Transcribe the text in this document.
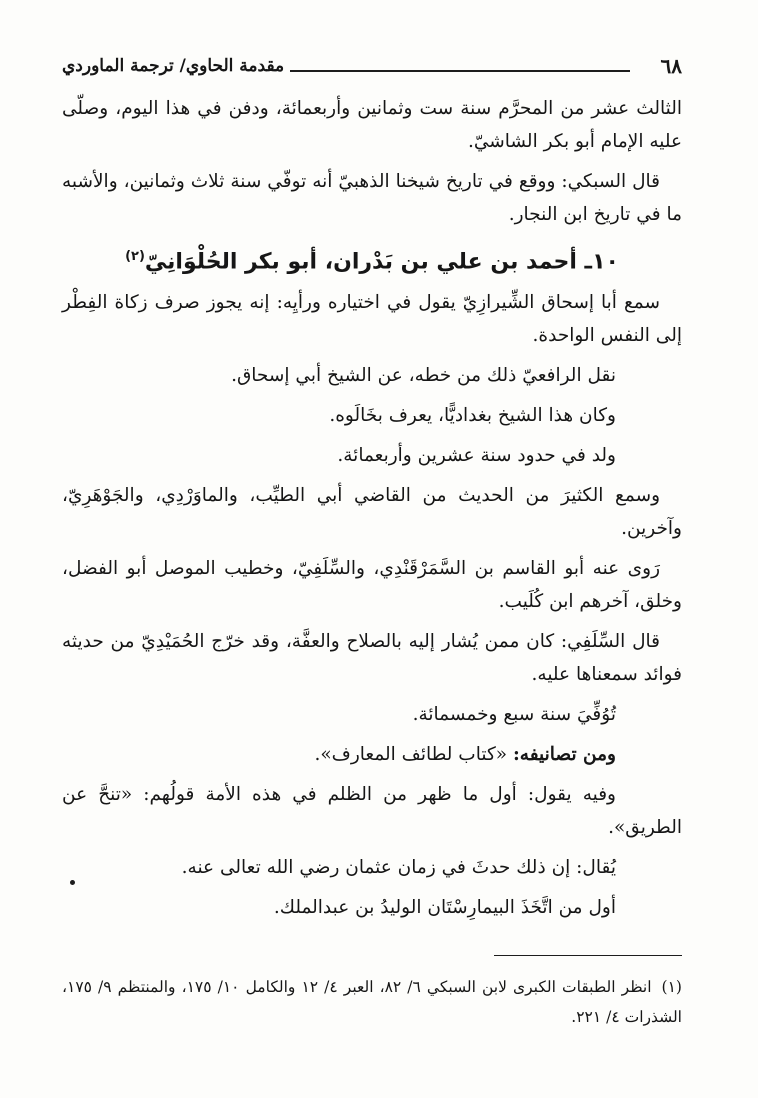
٦٨
مقدمة الحاوي/ ترجمة الماوردي

الثالث عشر من المحرَّم سنة ست وثمانين وأربعمائة، ودفن في هذا اليوم، وصلّى عليه الإمام أبو بكر الشاشيّ.

قال السبكي: ووقع في تاريخ شيخنا الذهبيّ أنه توفّي سنة ثلاث وثمانين، والأشبه ما في تاريخ ابن النجار.

١٠ـ أحمد بن علي بن بَدْران، أبو بكر الحُلْوَانِيّ$^{(٢)}$

سمع أبا إسحاق الشِّيرازِيّ يقول في اختياره ورأيِه: إنه يجوز صرف زكاة الفِطْر إلى النفس الواحدة.

نقل الرافعيّ ذلك من خطه، عن الشيخ أبي إسحاق.

وكان هذا الشيخ بغداديًّا، يعرف بخَالَوه.

ولد في حدود سنة عشرين وأربعمائة.

وسمع الكثيرَ من الحديث من القاضي أبي الطيِّب، والماوَرْدِي، والجَوْهَرِيّ، وآخرين.

رَوى عنه أبو القاسم بن السَّمَرْقَنْدِي، والسِّلَفِيّ، وخطيب الموصل أبو الفضل، وخلق، آخرهم ابن كُلَيب.

قال السِّلَفِي: كان ممن يُشار إليه بالصلاح والعفَّة، وقد خرّج الحُمَيْدِيّ من حديثه فوائد سمعناها عليه.

تُوُفِّيَ سنة سبع وخمسمائة.

ومن تصانيفه: «كتاب لطائف المعارف».

وفيه يقول: أول ما ظهر من الظلم في هذه الأمة قولُهم: «تنحَّ عن الطريق».

يُقال: إن ذلك حدثَ في زمان عثمان رضي الله تعالى عنه.

أول من اتَّخَذَ البيمارِسْتَان الوليدُ بن عبدالملك.

(١)انظر الطبقات الكبرى لابن السبكي ٦/ ٨٢، العبر ٤/ ١٢ والكامل ١٠/ ١٧٥، والمنتظم ٩/ ١٧٥، الشذرات ٤/ ٢٢١.
